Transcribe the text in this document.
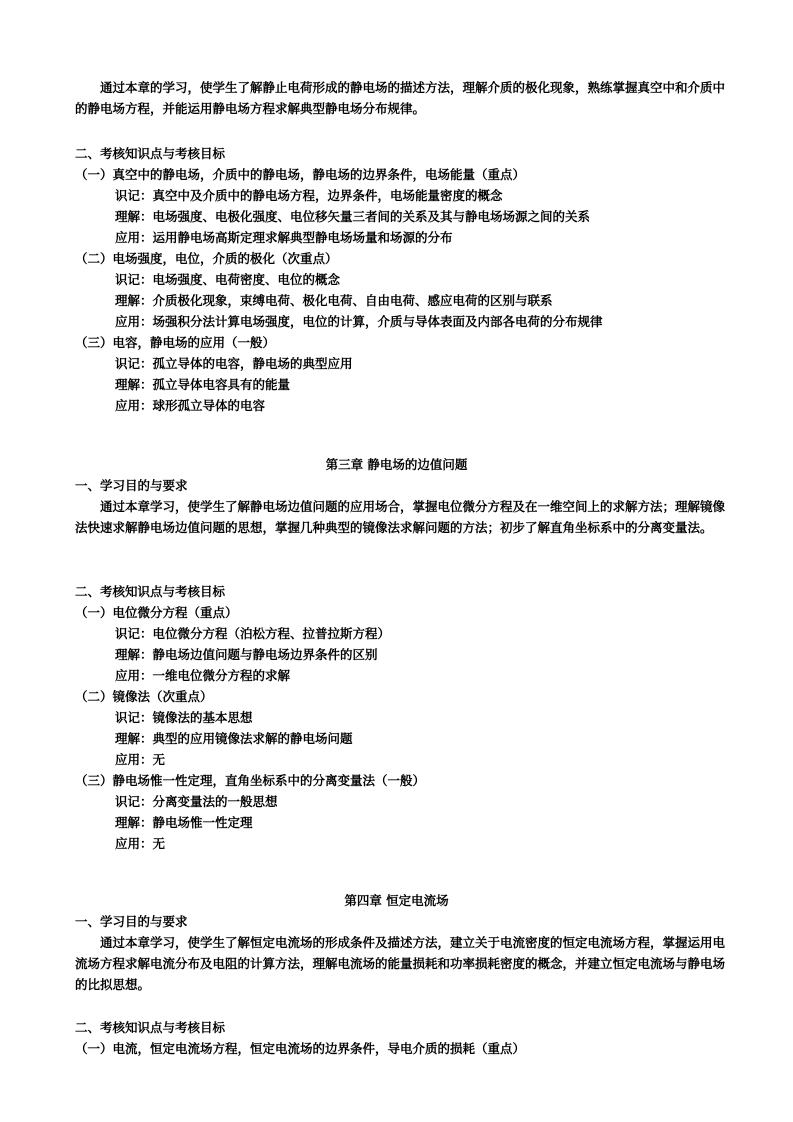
通过本章的学习，使学生了解静止电荷形成的静电场的描述方法，理解介质的极化现象，熟练掌握真空中和介质中的静电场方程，并能运用静电场方程求解典型静电场分布规律。
二、考核知识点与考核目标
（一）真空中的静电场，介质中的静电场，静电场的边界条件，电场能量（重点）
识记：真空中及介质中的静电场方程，边界条件，电场能量密度的概念
理解：电场强度、电极化强度、电位移矢量三者间的关系及其与静电场场源之间的关系
应用：运用静电场高斯定理求解典型静电场场量和场源的分布
（二）电场强度，电位，介质的极化（次重点）
识记：电场强度、电荷密度、电位的概念
理解：介质极化现象，束缚电荷、极化电荷、自由电荷、感应电荷的区别与联系
应用：场强积分法计算电场强度，电位的计算，介质与导体表面及内部各电荷的分布规律
（三）电容，静电场的应用（一般）
识记：孤立导体的电容，静电场的典型应用
理解：孤立导体电容具有的能量
应用：球形孤立导体的电容
第三章 静电场的边值问题
一、学习目的与要求
通过本章学习，使学生了解静电场边值问题的应用场合，掌握电位微分方程及在一维空间上的求解方法；理解镜像法快速求解静电场边值问题的思想，掌握几种典型的镜像法求解问题的方法；初步了解直角坐标系中的分离变量法。
二、考核知识点与考核目标
（一）电位微分方程（重点）
识记：电位微分方程（泊松方程、拉普拉斯方程）
理解：静电场边值问题与静电场边界条件的区别
应用：一维电位微分方程的求解
（二）镜像法（次重点）
识记：镜像法的基本思想
理解：典型的应用镜像法求解的静电场问题
应用：无
（三）静电场惟一性定理，直角坐标系中的分离变量法（一般）
识记：分离变量法的一般思想
理解：静电场惟一性定理
应用：无
第四章 恒定电流场
一、学习目的与要求
通过本章学习，使学生了解恒定电流场的形成条件及描述方法，建立关于电流密度的恒定电流场方程，掌握运用电流场方程求解电流分布及电阻的计算方法，理解电流场的能量损耗和功率损耗密度的概念，并建立恒定电流场与静电场的比拟思想。
二、考核知识点与考核目标
（一）电流，恒定电流场方程，恒定电流场的边界条件，导电介质的损耗（重点）
